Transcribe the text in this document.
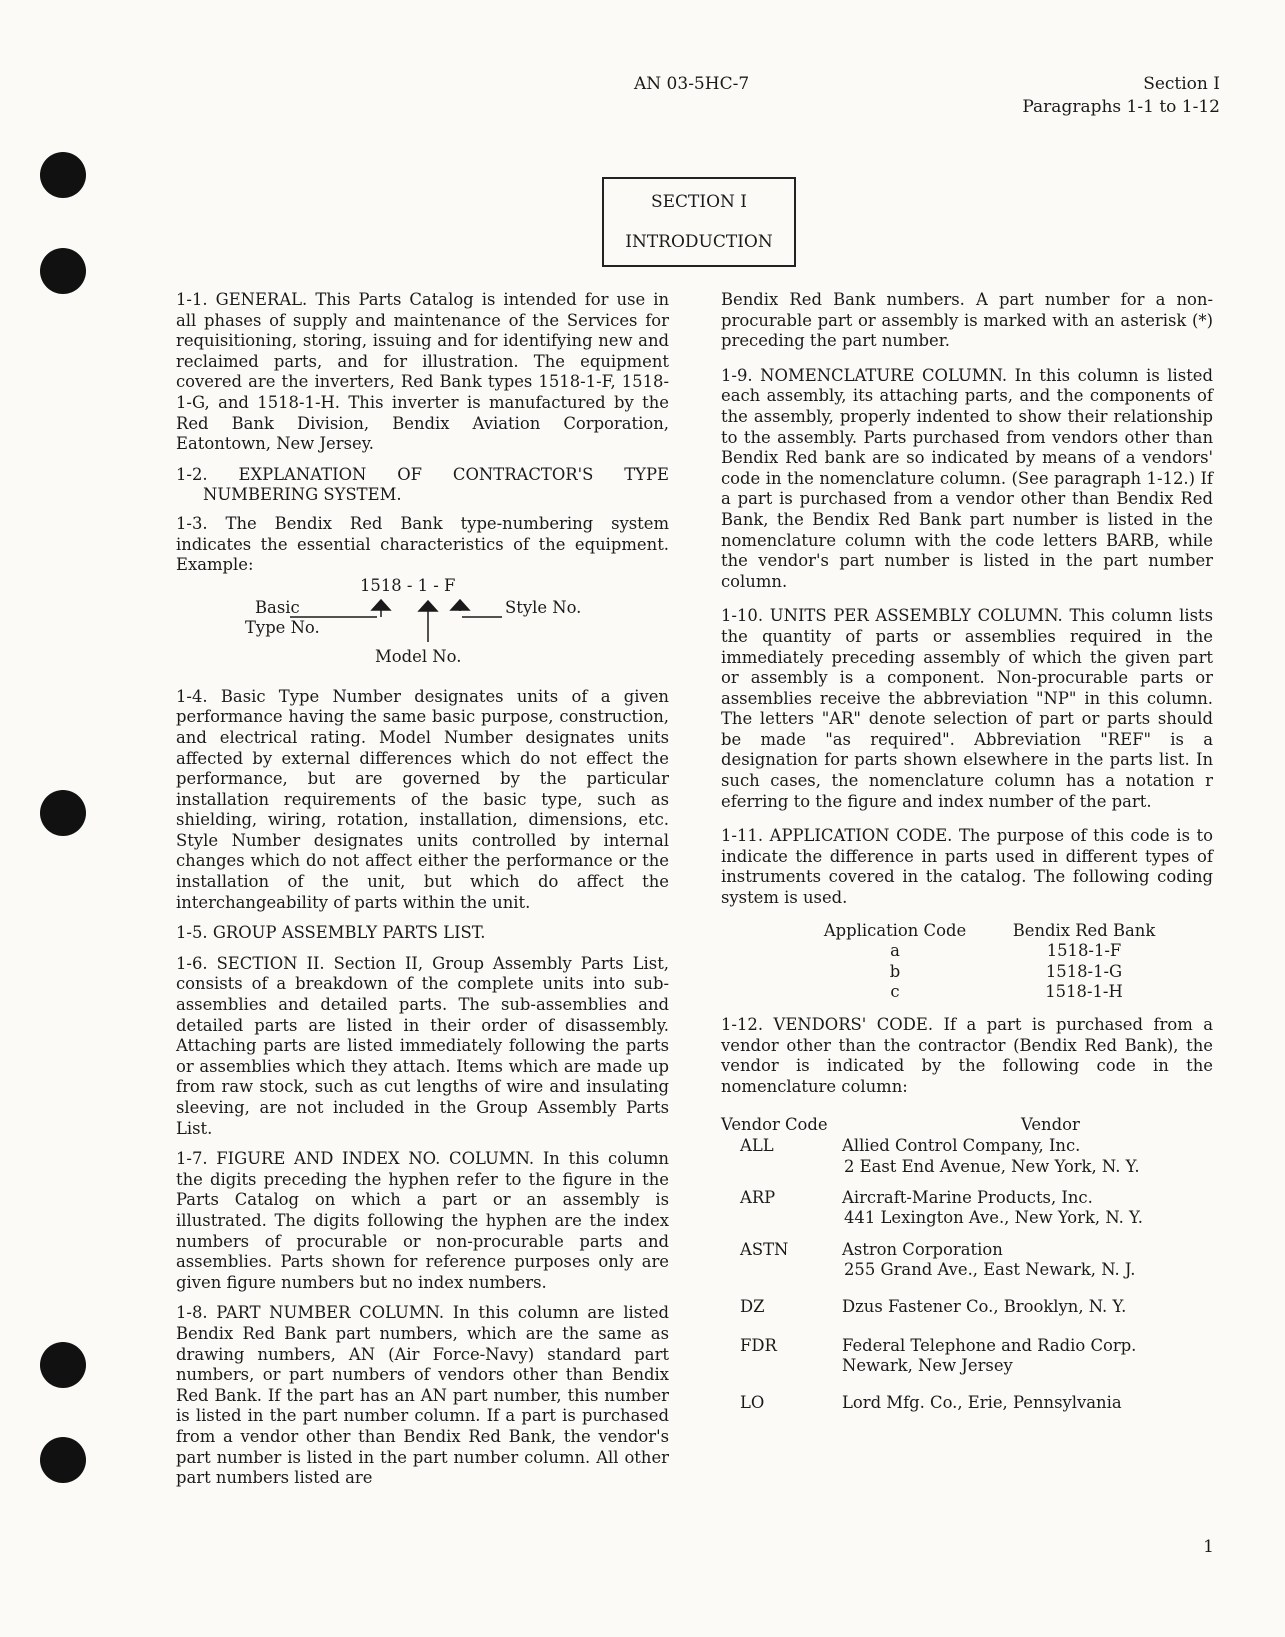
AN 03-5HC-7	Section I
Paragraphs 1-1 to 1-12
SECTION I
INTRODUCTION

1-1. GENERAL. This Parts Catalog is intended for use in all phases of supply and maintenance of the Services for requisitioning, storing, issuing and for identifying new and reclaimed parts, and for illustration. The equipment covered are the inverters, Red Bank types 1518-1-F, 1518-1-G, and 1518-1-H. This inverter is manufactured by the Red Bank Division, Bendix Aviation Corporation, Eatontown, New Jersey.

1-2. EXPLANATION OF CONTRACTOR'S TYPE NUMBERING SYSTEM.

1-3. The Bendix Red Bank type-numbering system indicates the essential characteristics of the equipment. Example:

1518 - 1 - F
Basic
Type No.
Style No.
Model No.

1-4. Basic Type Number designates units of a given performance having the same basic purpose, construction, and electrical rating. Model Number designates units affected by external differences which do not effect the performance, but are governed by the particular installation requirements of the basic type, such as shielding, wiring, rotation, installation, dimensions, etc. Style Number designates units controlled by internal changes which do not affect either the performance or the installation of the unit, but which do affect the interchangeability of parts within the unit.

1-5. GROUP ASSEMBLY PARTS LIST.

1-6. SECTION II. Section II, Group Assembly Parts List, consists of a breakdown of the complete units into sub-assemblies and detailed parts. The sub-assemblies and detailed parts are listed in their order of disassembly. Attaching parts are listed immediately following the parts or assemblies which they attach. Items which are made up from raw stock, such as cut lengths of wire and insulating sleeving, are not included in the Group Assembly Parts List.

1-7. FIGURE AND INDEX NO. COLUMN. In this column the digits preceding the hyphen refer to the figure in the Parts Catalog on which a part or an assembly is illustrated. The digits following the hyphen are the index numbers of procurable or non-procurable parts and assemblies. Parts shown for reference purposes only are given figure numbers but no index numbers.

1-8. PART NUMBER COLUMN. In this column are listed Bendix Red Bank part numbers, which are the same as drawing numbers, AN (Air Force-Navy) standard part numbers, or part numbers of vendors other than Bendix Red Bank. If the part has an AN part number, this number is listed in the part number column. If a part is purchased from a vendor other than Bendix Red Bank, the vendor's part number is listed in the part number column. All other part numbers listed are

Bendix Red Bank numbers. A part number for a non-procurable part or assembly is marked with an asterisk (*) preceding the part number.

1-9. NOMENCLATURE COLUMN. In this column is listed each assembly, its attaching parts, and the components of the assembly, properly indented to show their relationship to the assembly. Parts purchased from vendors other than Bendix Red bank are so indicated by means of a vendors' code in the nomenclature column. (See paragraph 1-12.) If a part is purchased from a vendor other than Bendix Red Bank, the Bendix Red Bank part number is listed in the nomenclature column with the code letters BARB, while the vendor's part number is listed in the part number column.

1-10. UNITS PER ASSEMBLY COLUMN. This column lists the quantity of parts or assemblies required in the immediately preceding assembly of which the given part or assembly is a component. Non-procurable parts or assemblies receive the abbreviation "NP" in this column. The letters "AR" denote selection of part or parts should be made "as required". Abbreviation "REF" is a designation for parts shown elsewhere in the parts list. In such cases, the nomenclature column has a notation r eferring to the figure and index number of the part.

1-11. APPLICATION CODE. The purpose of this code is to indicate the difference in parts used in different types of instruments covered in the catalog. The following coding system is used.

Application Code	Bendix Red Bank
a	1518-1-F
b	1518-1-G
c	1518-1-H

1-12. VENDORS' CODE. If a part is purchased from a vendor other than the contractor (Bendix Red Bank), the vendor is indicated by the following code in the nomenclature column:

Vendor Code	Vendor
ALL	Allied Control Company, Inc.
2 East End Avenue, New York, N. Y.
ARP	Aircraft-Marine Products, Inc.
441 Lexington Ave., New York, N. Y.
ASTN	Astron Corporation
255 Grand Ave., East Newark, N. J.
DZ	Dzus Fastener Co., Brooklyn, N. Y.
FDR	Federal Telephone and Radio Corp.
Newark, New Jersey
LO	Lord Mfg. Co., Erie, Pennsylvania
1
